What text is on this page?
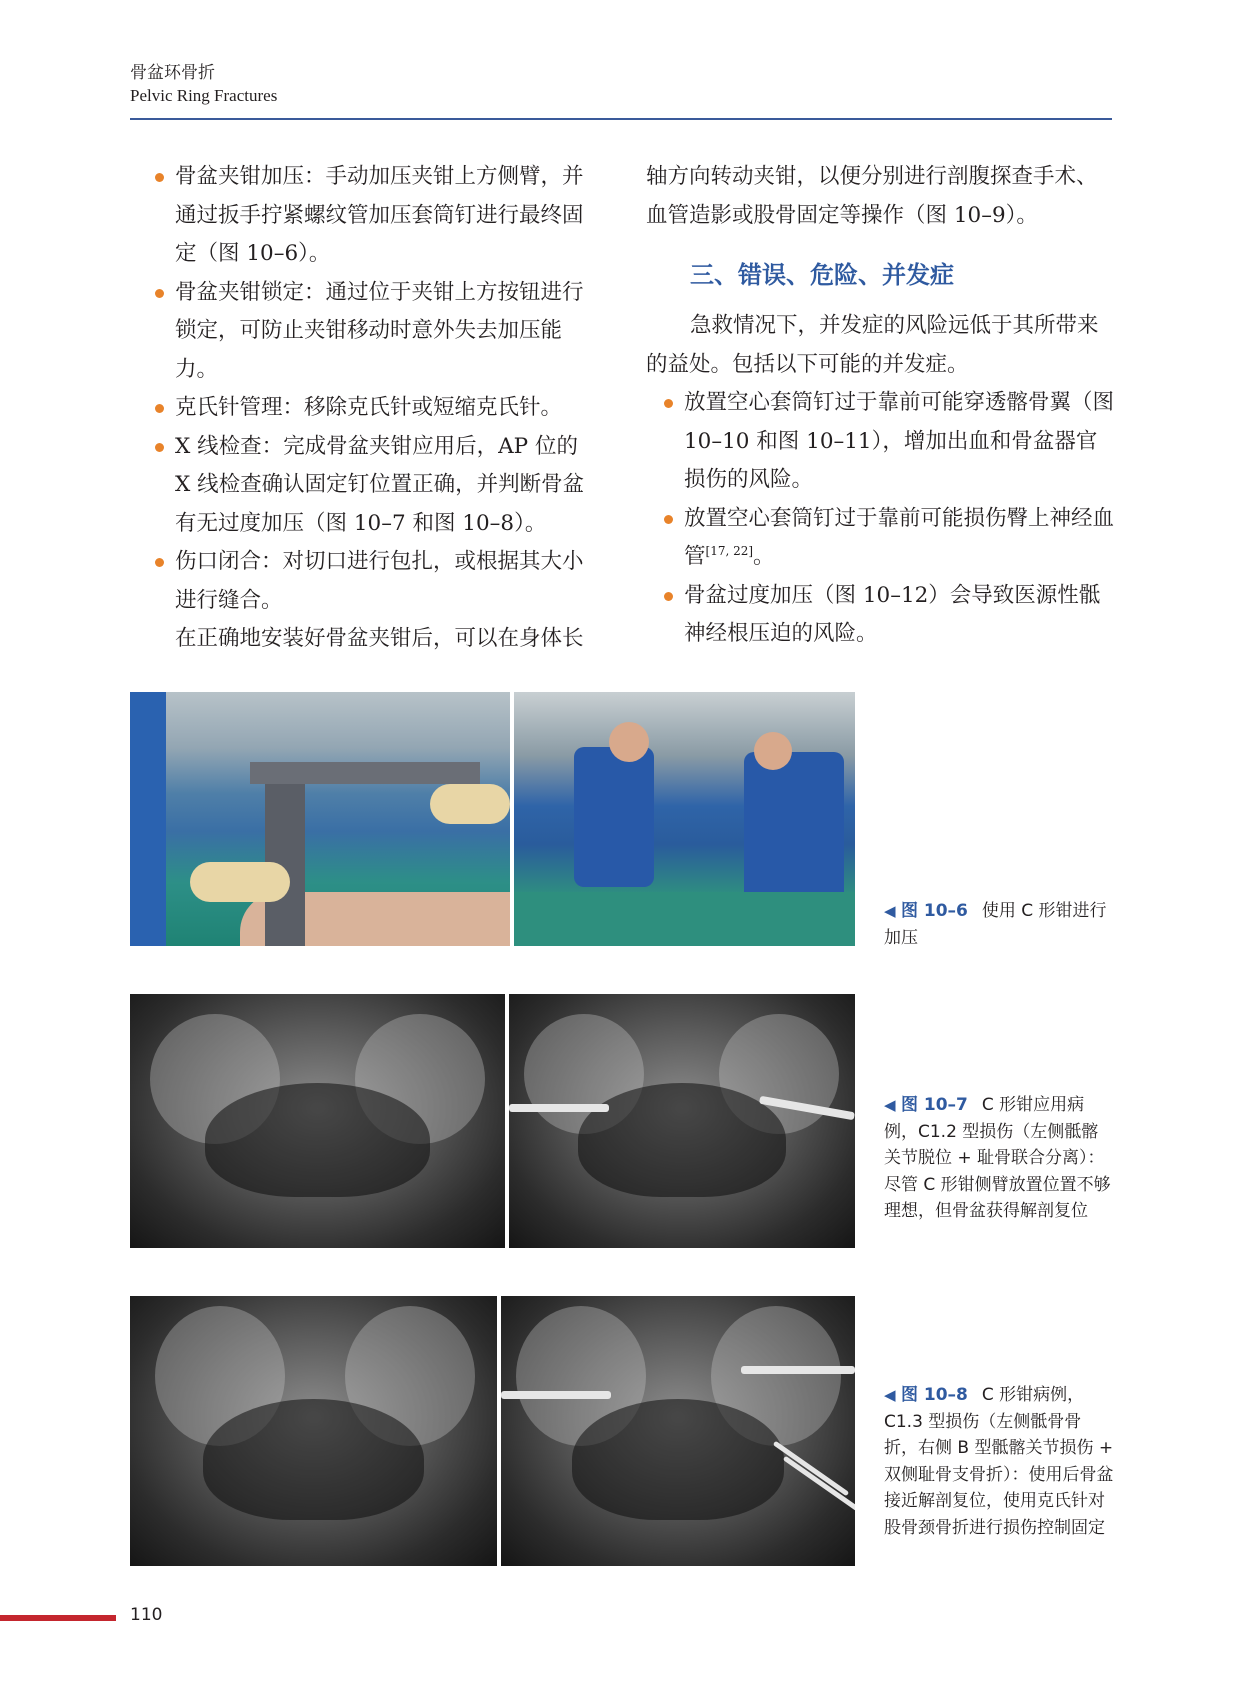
骨盆环骨折
Pelvic Ring Fractures
骨盆夹钳加压：手动加压夹钳上方侧臂，并通过扳手拧紧螺纹管加压套筒钉进行最终固定（图 10–6）。
骨盆夹钳锁定：通过位于夹钳上方按钮进行锁定，可防止夹钳移动时意外失去加压能力。
克氏针管理：移除克氏针或短缩克氏针。
X 线检查：完成骨盆夹钳应用后，AP 位的 X 线检查确认固定钉位置正确，并判断骨盆有无过度加压（图 10–7 和图 10–8）。
伤口闭合：对切口进行包扎，或根据其大小进行缝合。

在正确地安装好骨盆夹钳后，可以在身体长

轴方向转动夹钳，以便分别进行剖腹探查手术、血管造影或股骨固定等操作（图 10–9）。

三、错误、危险、并发症

急救情况下，并发症的风险远低于其所带来的益处。包括以下可能的并发症。

放置空心套筒钉过于靠前可能穿透髂骨翼（图 10–10 和图 10–11），增加出血和骨盆器官损伤的风险。
放置空心套筒钉过于靠前可能损伤臀上神经血管[17, 22]。
骨盆过度加压（图 10–12）会导致医源性骶神经根压迫的风险。
◀ 图 10–6 使用 C 形钳进行加压
◀ 图 10–7 C 形钳应用病例，C1.2 型损伤（左侧骶髂关节脱位 + 耻骨联合分离）：尽管 C 形钳侧臂放置位置不够理想，但骨盆获得解剖复位
◀ 图 10–8 C 形钳病例，C1.3 型损伤（左侧骶骨骨折，右侧 B 型骶髂关节损伤 + 双侧耻骨支骨折）：使用后骨盆接近解剖复位，使用克氏针对股骨颈骨折进行损伤控制固定
110
